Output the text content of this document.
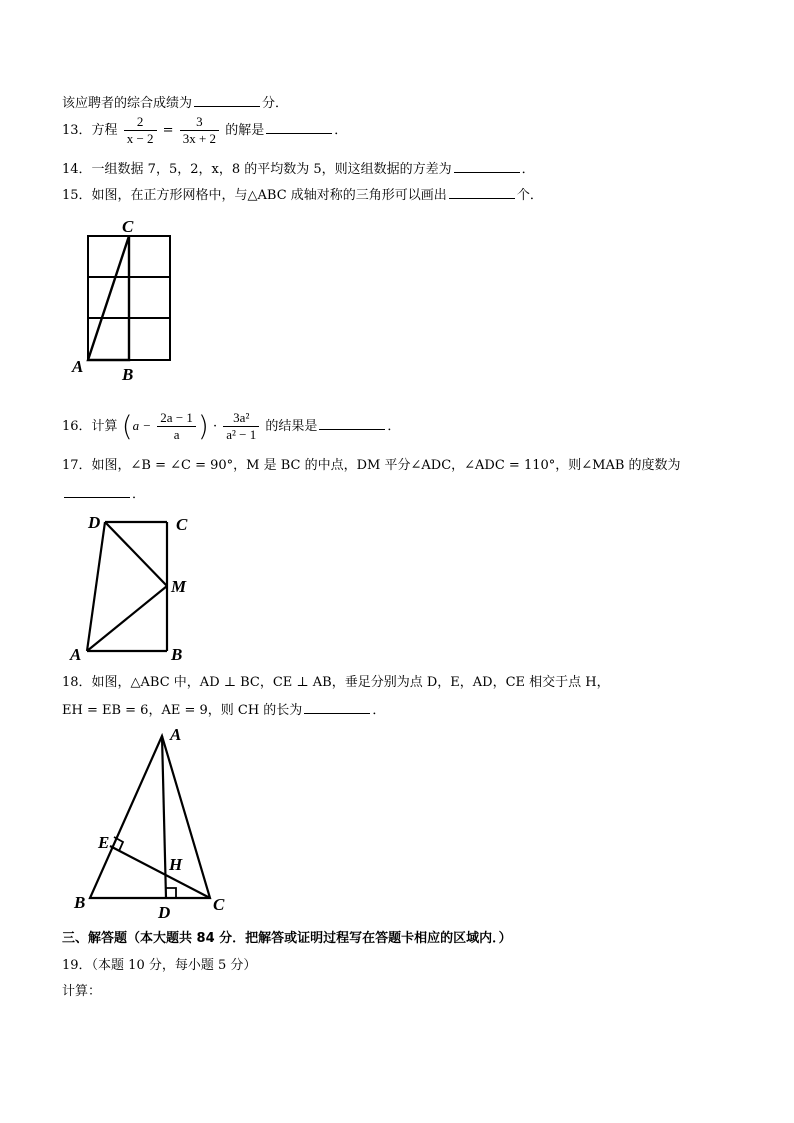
该应聘者的综合成绩为	分．
13．方程 $\frac{2}{x - 2} = \frac{3}{3x + 2}$ 的解是	．
14．一组数据 7，5，2，x，8 的平均数为 5，则这组数据的方差为	．
15．如图，在正方形网格中，与△ABC 成轴对称的三角形可以画出	个．
C
A B
16．计算 ($a - \frac{2a - 1}{a}$ ) · $\frac{\text{3a²}}{\text{a² − 1}}$ 的结果是	．
17．如图，∠B = ∠C = 90°，M 是 BC 的中点，DM 平分∠ADC，∠ADC = 110°，则∠MAB 的度数为
．
D	C
M
A	B
18．如图，△ABC 中，AD ⊥ BC，CE ⊥ AB，垂足分别为点 D，E，AD，CE 相交于点 H，
EH = EB = 6，AE = 9，则 CH 的长为	．
A
E
H
B
D	C
三、解答题（本大题共 84 分．把解答或证明过程写在答题卡相应的区域内．）
19．（本题 10 分，每小题 5 分）
计算：
